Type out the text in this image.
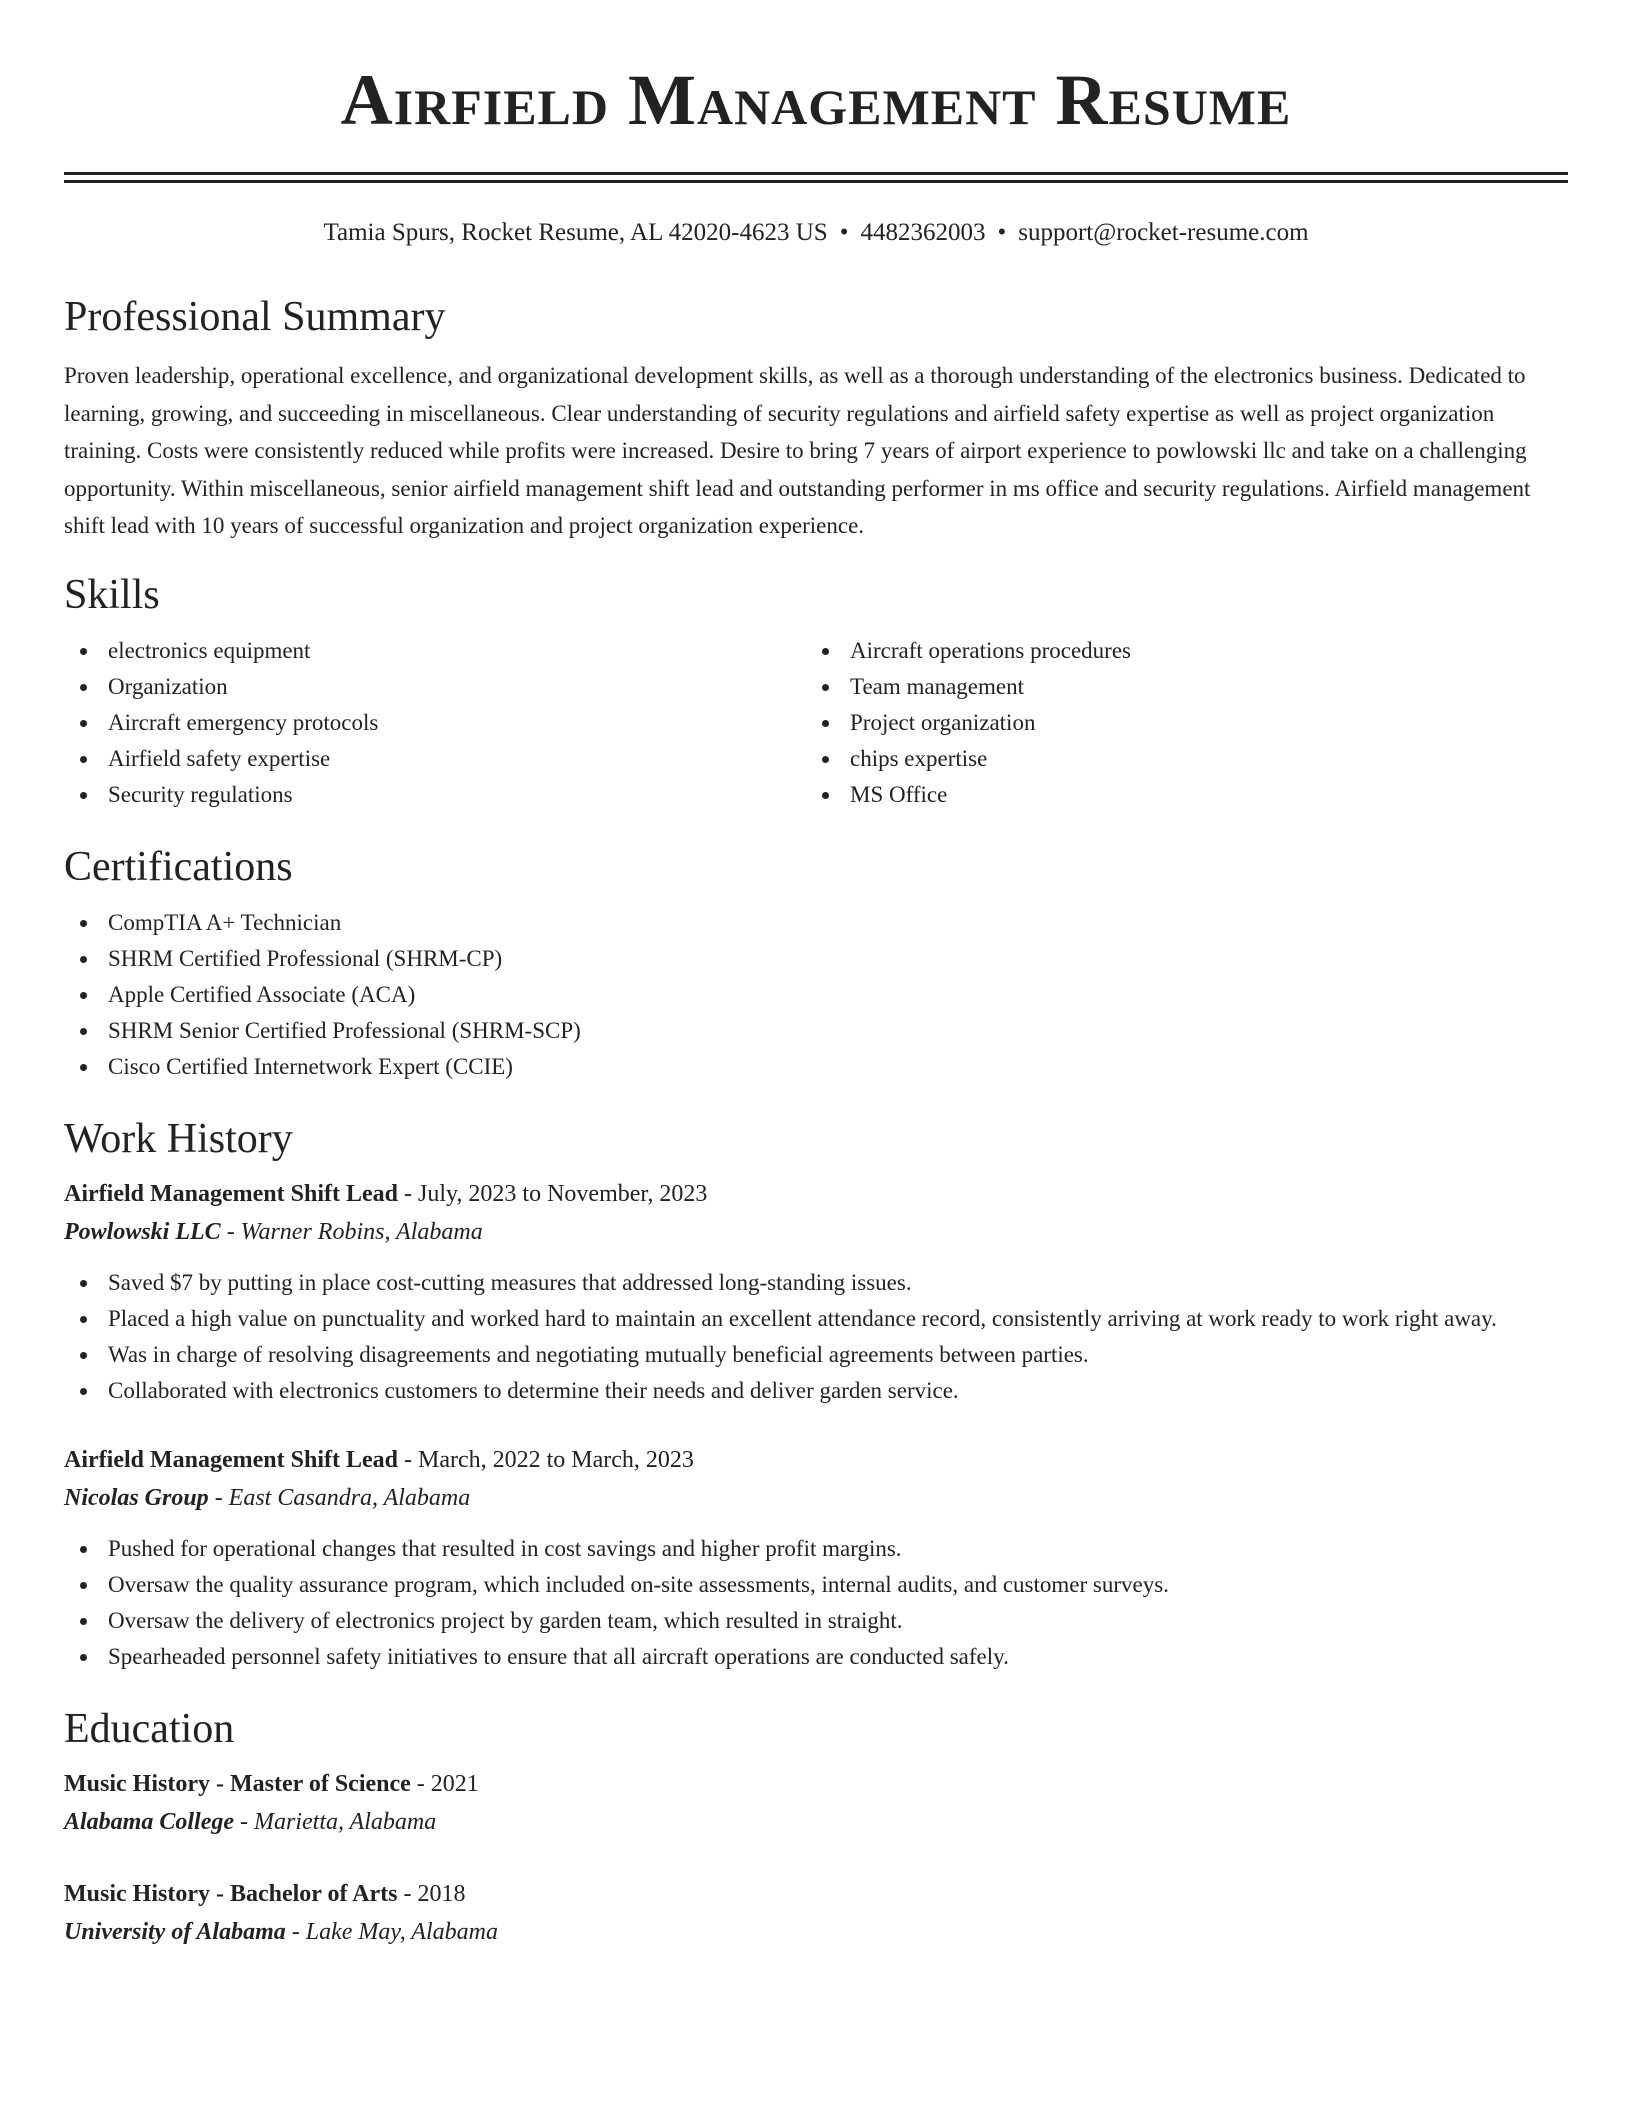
Airfield Management Resume
Tamia Spurs, Rocket Resume, AL 42020-4623 US • 4482362003 • support@rocket-resume.com
Professional Summary

Proven leadership, operational excellence, and organizational development skills, as well as a thorough understanding of the electronics business. Dedicated to learning, growing, and succeeding in miscellaneous. Clear understanding of security regulations and airfield safety expertise as well as project organization training. Costs were consistently reduced while profits were increased. Desire to bring 7 years of airport experience to powlowski llc and take on a challenging opportunity. Within miscellaneous, senior airfield management shift lead and outstanding performer in ms office and security regulations. Airfield management shift lead with 10 years of successful organization and project organization experience.

Skills
electronics equipment
Organization
Aircraft emergency protocols
Airfield safety expertise
Security regulations
Aircraft operations procedures
Team management
Project organization
chips expertise
MS Office
Certifications
CompTIA A+ Technician
SHRM Certified Professional (SHRM-CP)
Apple Certified Associate (ACA)
SHRM Senior Certified Professional (SHRM-SCP)
Cisco Certified Internetwork Expert (CCIE)
Work History
Airfield Management Shift Lead - July, 2023 to November, 2023
Powlowski LLC - Warner Robins, Alabama
Saved $7 by putting in place cost-cutting measures that addressed long-standing issues.
Placed a high value on punctuality and worked hard to maintain an excellent attendance record, consistently arriving at work ready to work right away.
Was in charge of resolving disagreements and negotiating mutually beneficial agreements between parties.
Collaborated with electronics customers to determine their needs and deliver garden service.
Airfield Management Shift Lead - March, 2022 to March, 2023
Nicolas Group - East Casandra, Alabama
Pushed for operational changes that resulted in cost savings and higher profit margins.
Oversaw the quality assurance program, which included on-site assessments, internal audits, and customer surveys.
Oversaw the delivery of electronics project by garden team, which resulted in straight.
Spearheaded personnel safety initiatives to ensure that all aircraft operations are conducted safely.
Education
Music History - Master of Science - 2021
Alabama College - Marietta, Alabama
Music History - Bachelor of Arts - 2018
University of Alabama - Lake May, Alabama
